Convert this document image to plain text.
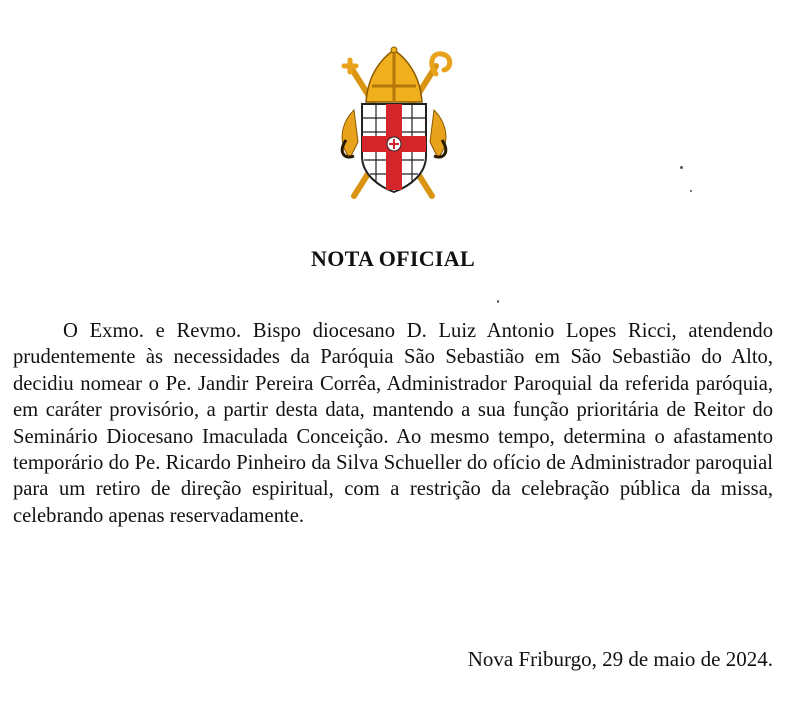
NOTA OFICIAL

O Exmo. e Revmo. Bispo diocesano D. Luiz Antonio Lopes Ricci, atendendo prudentemente às necessidades da Paróquia São Sebastião em São Sebastião do Alto, decidiu nomear o Pe. Jandir Pereira Corrêa, Administrador Paroquial da referida paróquia, em caráter provisório, a partir desta data, mantendo a sua função prioritária de Reitor do Seminário Diocesano Imaculada Conceição. Ao mesmo tempo, determina o afastamento temporário do Pe. Ricardo Pinheiro da Silva Schueller do ofício de Administrador paroquial para um retiro de direção espiritual, com a restrição da celebração pública da missa, celebrando apenas reservadamente.

Nova Friburgo, 29 de maio de 2024.
